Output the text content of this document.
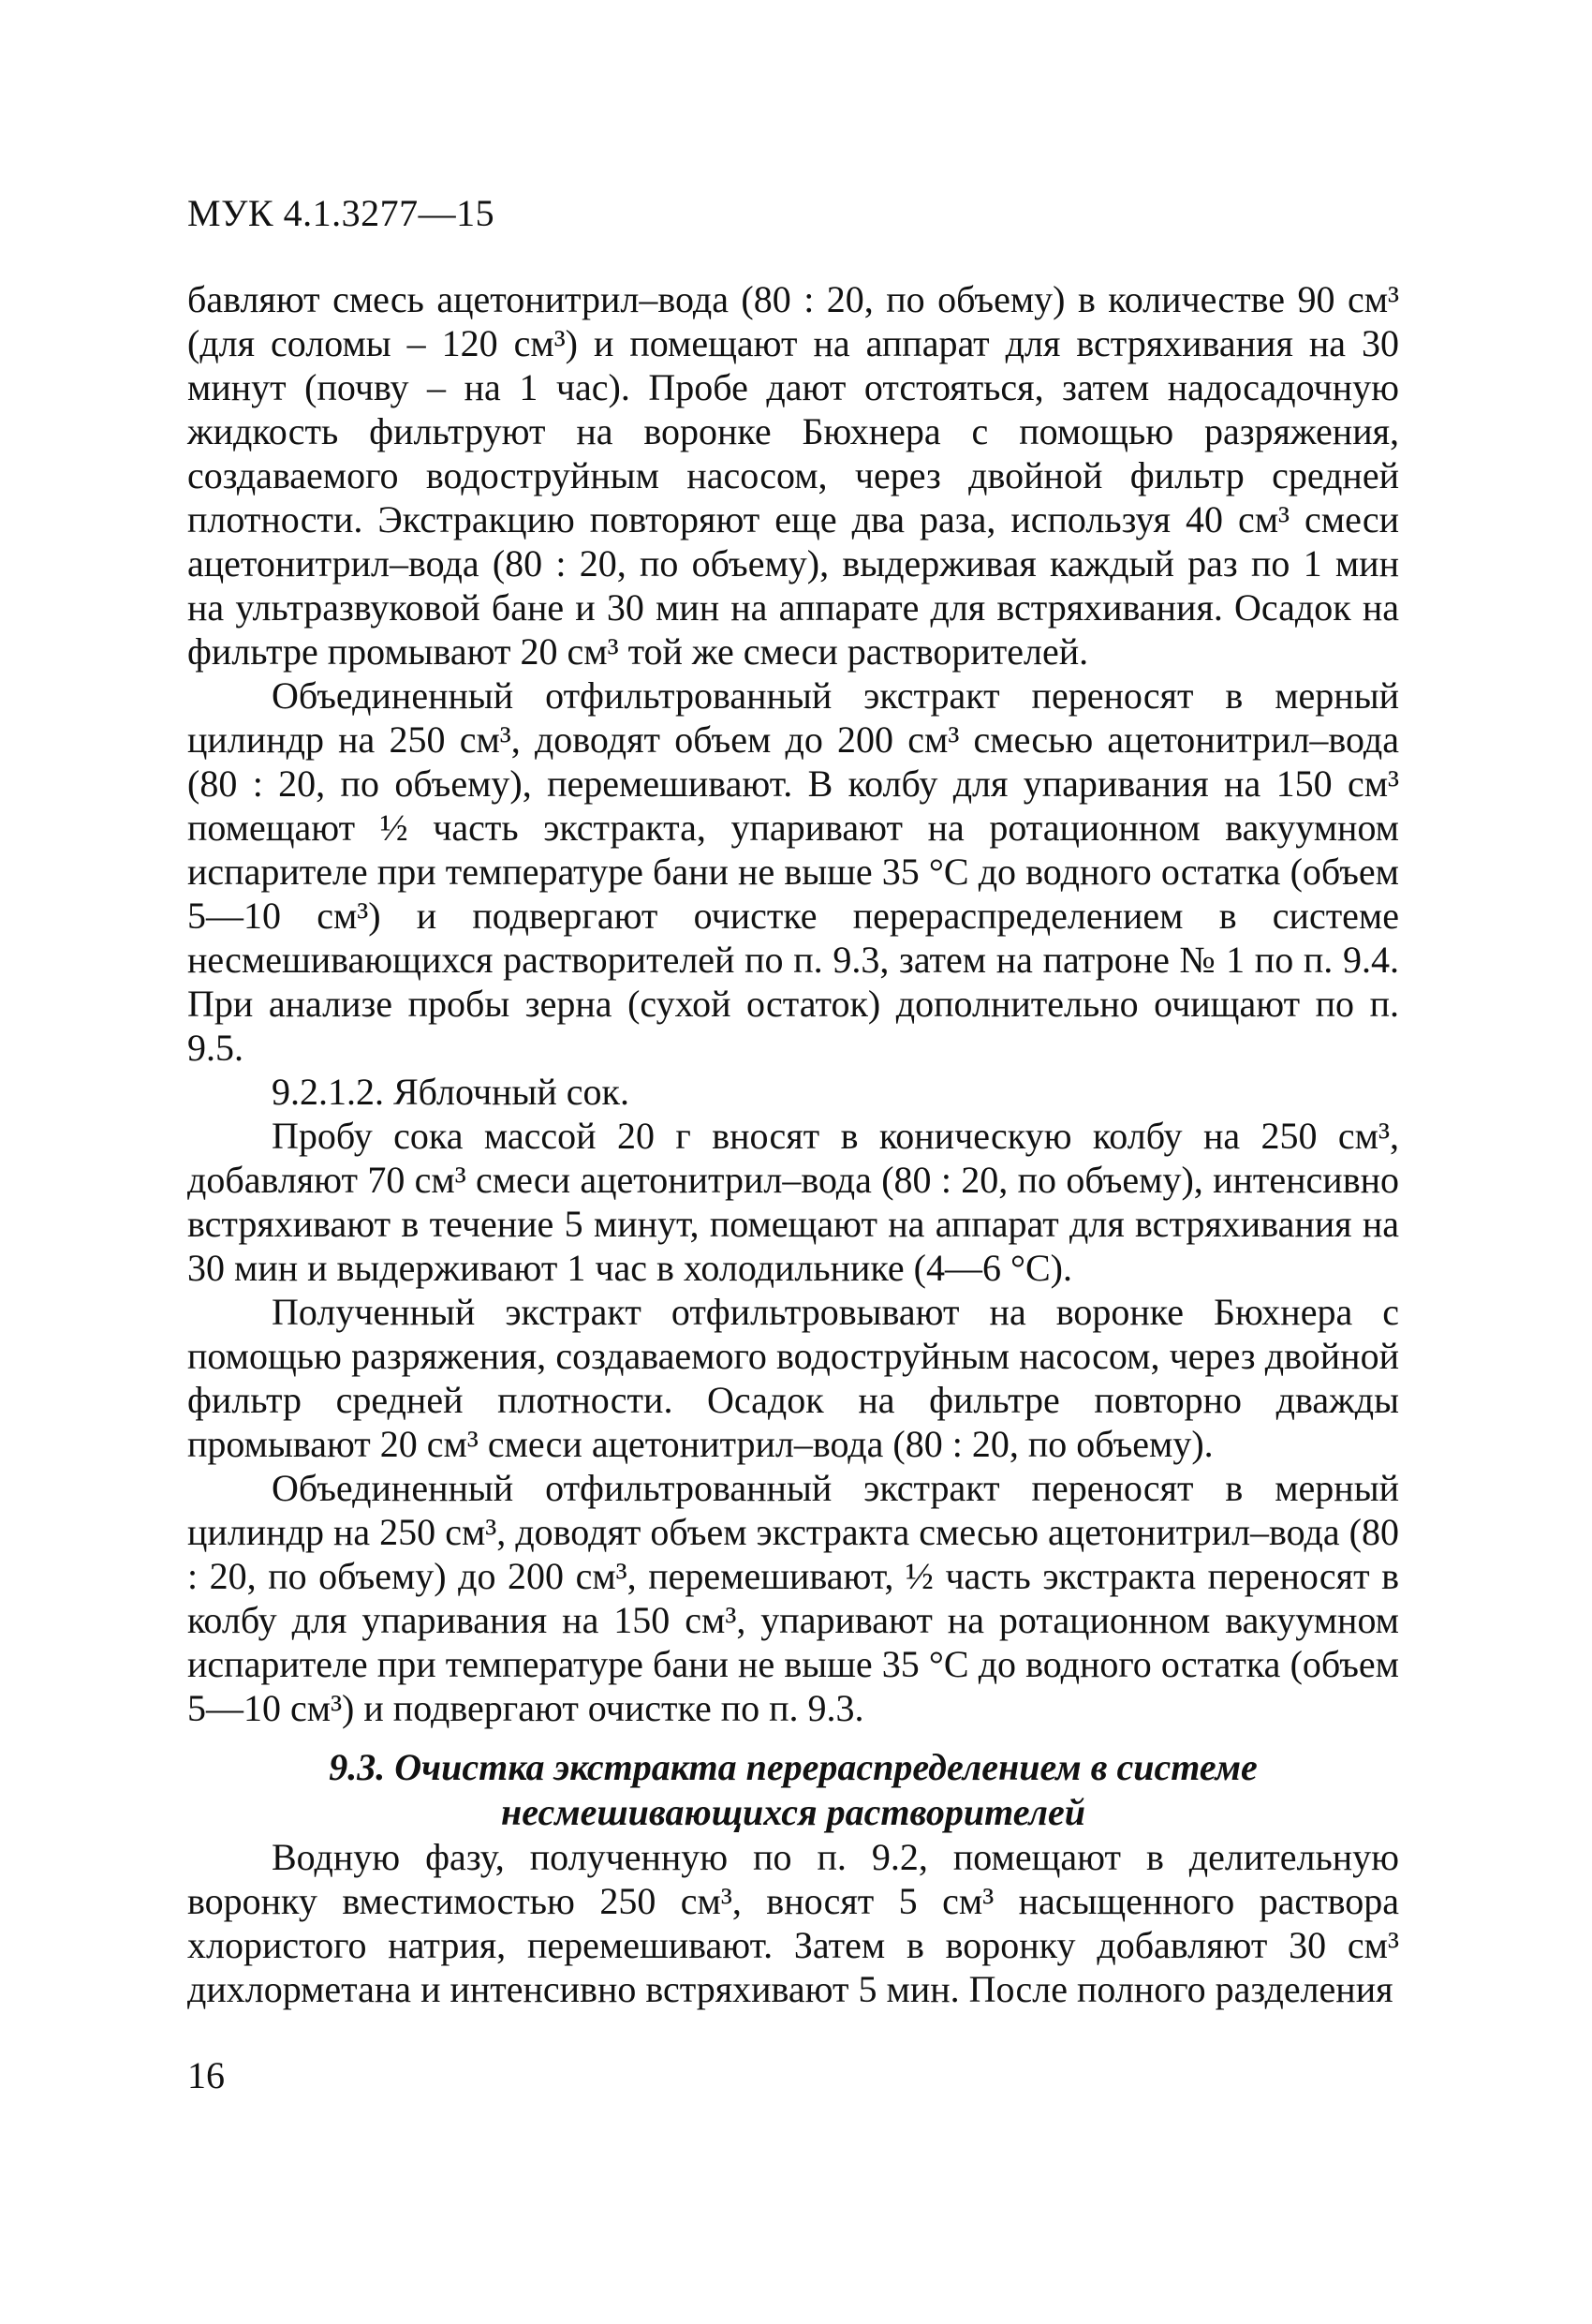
МУК 4.1.3277—15

бавляют смесь ацетонитрил–вода (80 : 20, по объему) в количестве 90 см³ (для соломы – 120 см³) и помещают на аппарат для встряхивания на 30 минут (почву – на 1 час). Пробе дают отстояться, затем надосадочную жидкость фильтруют на воронке Бюхнера с помощью разряжения, создаваемого водоструйным насосом, через двойной фильтр средней плотности. Экстракцию повторяют еще два раза, используя 40 см³ смеси ацетонитрил–вода (80 : 20, по объему), выдерживая каждый раз по 1 мин на ультразвуковой бане и 30 мин на аппарате для встряхивания. Осадок на фильтре промывают 20 см³ той же смеси растворителей.

Объединенный отфильтрованный экстракт переносят в мерный цилиндр на 250 см³, доводят объем до 200 см³ смесью ацетонитрил–вода (80 : 20, по объему), перемешивают. В колбу для упаривания на 150 см³ помещают ½ часть экстракта, упаривают на ротационном вакуумном испарителе при температуре бани не выше 35 °С до водного остатка (объем 5—10 см³) и подвергают очистке перераспределением в системе несмешивающихся растворителей по п. 9.3, затем на патроне № 1 по п. 9.4. При анализе пробы зерна (сухой остаток) дополнительно очищают по п. 9.5.

9.2.1.2. Яблочный сок.

Пробу сока массой 20 г вносят в коническую колбу на 250 см³, добавляют 70 см³ смеси ацетонитрил–вода (80 : 20, по объему), интенсивно встряхивают в течение 5 минут, помещают на аппарат для встряхивания на 30 мин и выдерживают 1 час в холодильнике (4—6 °С).

Полученный экстракт отфильтровывают на воронке Бюхнера с помощью разряжения, создаваемого водоструйным насосом, через двойной фильтр средней плотности. Осадок на фильтре повторно дважды промывают 20 см³ смеси ацетонитрил–вода (80 : 20, по объему).

Объединенный отфильтрованный экстракт переносят в мерный цилиндр на 250 см³, доводят объем экстракта смесью ацетонитрил–вода (80 : 20, по объему) до 200 см³, перемешивают, ½ часть экстракта переносят в колбу для упаривания на 150 см³, упаривают на ротационном вакуумном испарителе при температуре бани не выше 35 °С до водного остатка (объем 5—10 см³) и подвергают очистке по п. 9.3.

9.3. Очистка экстракта перераспределением в системе
несмешивающихся растворителей

Водную фазу, полученную по п. 9.2, помещают в делительную воронку вместимостью 250 см³, вносят 5 см³ насыщенного раствора хлористого натрия, перемешивают. Затем в воронку добавляют 30 см³ дихлорметана и интенсивно встряхивают 5 мин. После полного разделения

16
